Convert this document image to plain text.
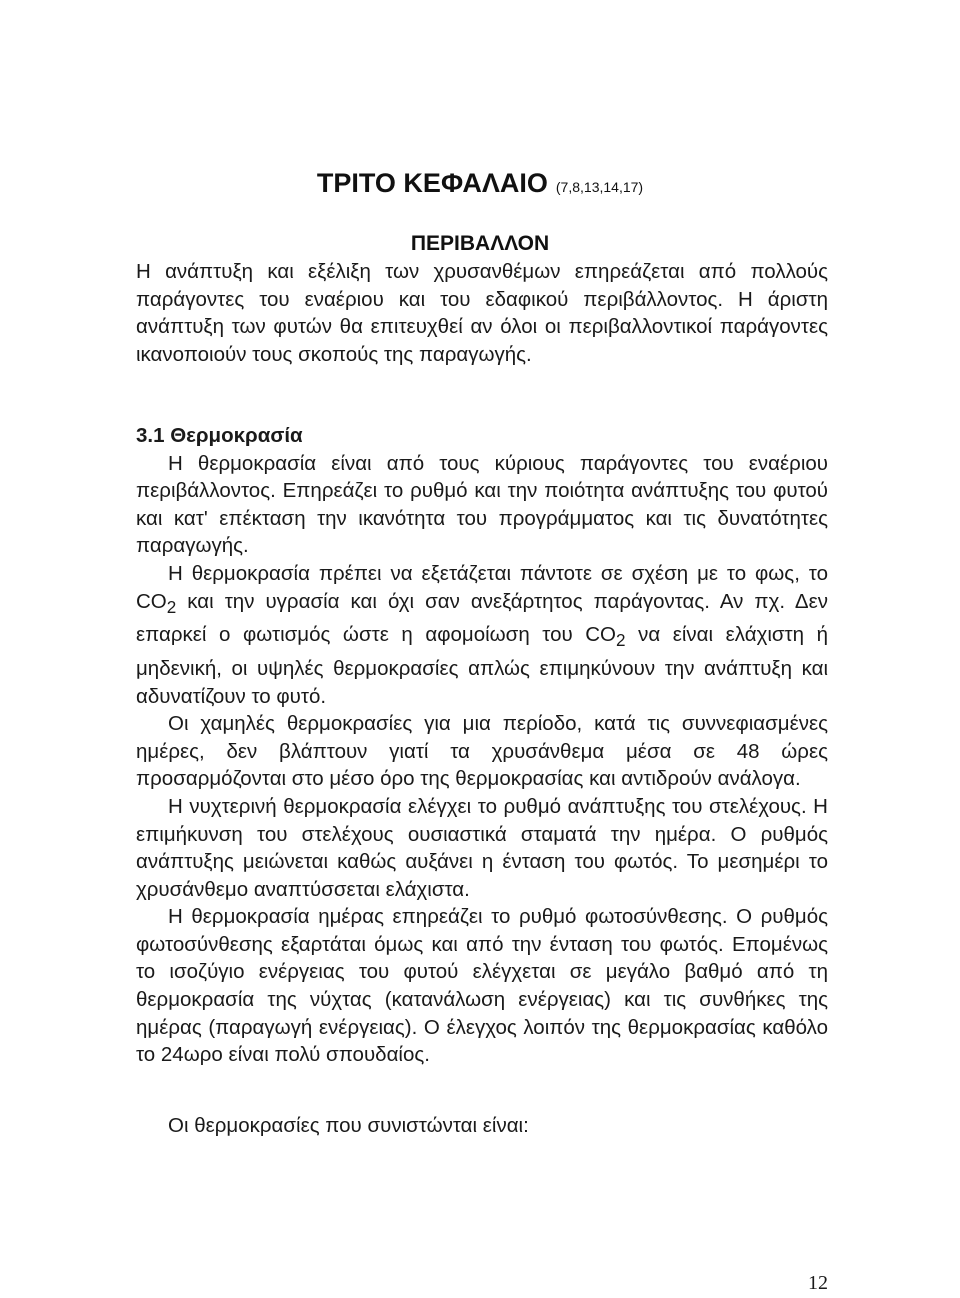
ΤΡΙΤΟ ΚΕΦΑΛΑΙΟ (7,8,13,14,17)
ΠΕΡΙΒΑΛΛΟΝ

Η ανάπτυξη και εξέλιξη των χρυσανθέμων επηρεάζεται από πολλούς παράγοντες του εναέριου και του εδαφικού περιβάλλοντος. Η άριστη ανάπτυξη των φυτών θα επιτευχθεί αν όλοι οι περιβαλλοντικοί παράγοντες ικανοποιούν τους σκοπούς της παραγωγής.

3.1 Θερμοκρασία

Η θερμοκρασία είναι από τους κύριους παράγοντες του εναέριου περιβάλλοντος. Επηρεάζει το ρυθμό και την ποιότητα ανάπτυξης του φυτού και κατ' επέκταση την ικανότητα του προγράμματος και τις δυνατότητες παραγωγής.

Η θερμοκρασία πρέπει να εξετάζεται πάντοτε σε σχέση με το φως, το $CO_2$ και την υγρασία και όχι σαν ανεξάρτητος παράγοντας. Αν πχ. Δεν επαρκεί ο φωτισμός ώστε η αφομοίωση του $CO_2$ να είναι ελάχιστη ή μηδενική, οι υψηλές θερμοκρασίες απλώς επιμηκύνουν την ανάπτυξη και αδυνατίζουν το φυτό.

Οι χαμηλές θερμοκρασίες για μια περίοδο, κατά τις συννεφιασμένες ημέρες, δεν βλάπτουν γιατί τα χρυσάνθεμα μέσα σε 48 ώρες προσαρμόζονται στο μέσο όρο της θερμοκρασίας και αντιδρούν ανάλογα.

Η νυχτερινή θερμοκρασία ελέγχει το ρυθμό ανάπτυξης του στελέχους. Η επιμήκυνση του στελέχους ουσιαστικά σταματά την ημέρα. Ο ρυθμός ανάπτυξης μειώνεται καθώς αυξάνει η ένταση του φωτός. Το μεσημέρι το χρυσάνθεμο αναπτύσσεται ελάχιστα.

Η θερμοκρασία ημέρας επηρεάζει το ρυθμό φωτοσύνθεσης. Ο ρυθμός φωτοσύνθεσης εξαρτάται όμως και από την ένταση του φωτός. Επομένως το ισοζύγιο ενέργειας του φυτού ελέγχεται σε μεγάλο βαθμό από τη θερμοκρασία της νύχτας (κατανάλωση ενέργειας) και τις συνθήκες της ημέρας (παραγωγή ενέργειας). Ο έλεγχος λοιπόν της θερμοκρασίας καθόλο το 24ωρο είναι πολύ σπουδαίος.

Οι θερμοκρασίες που συνιστώνται είναι:

12
